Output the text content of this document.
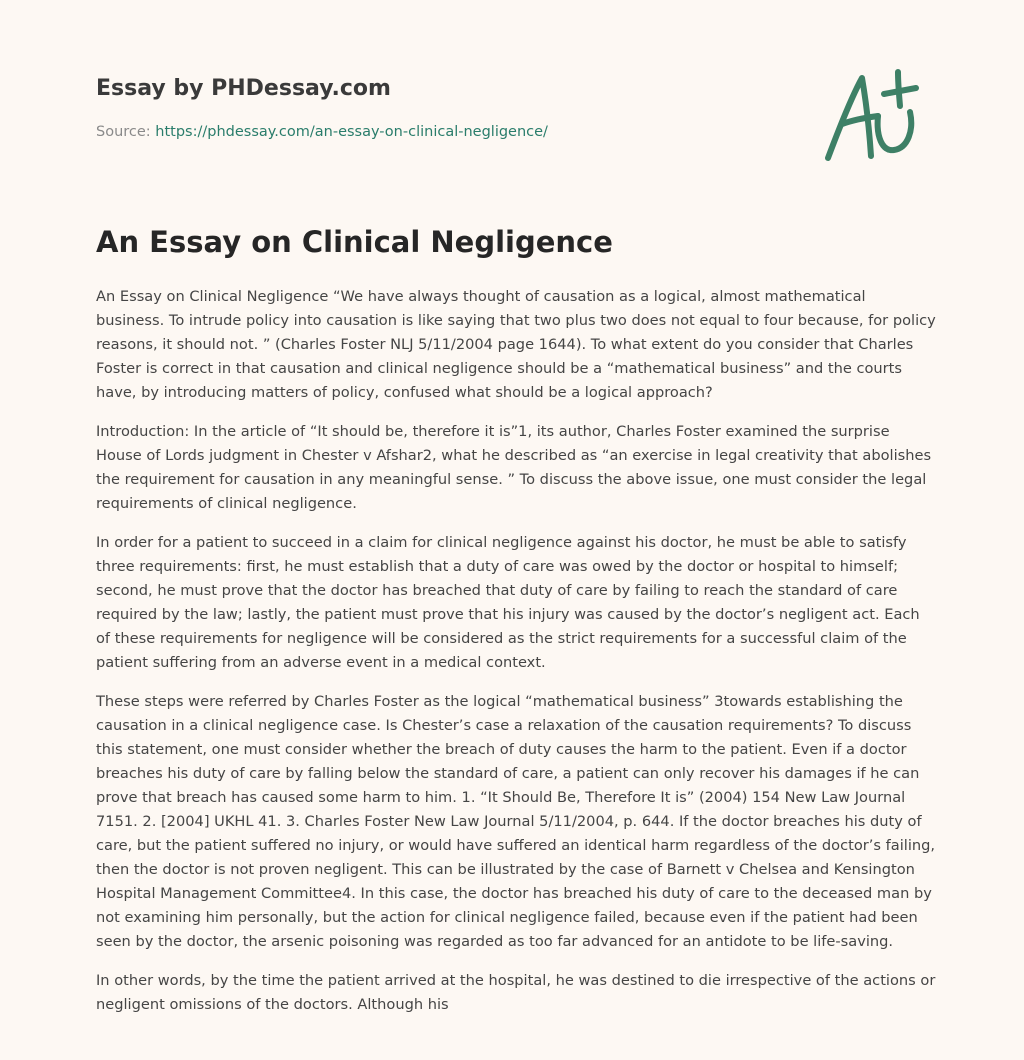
Essay by PHDessay.com

Source: https://phdessay.com/an-essay-on-clinical-negligence/

An Essay on Clinical Negligence

An Essay on Clinical Negligence “We have always thought of causation as a logical, almost mathematical business. To intrude policy into causation is like saying that two plus two does not equal to four because, for policy reasons, it should not. ” (Charles Foster NLJ 5/11/2004 page 1644). To what extent do you consider that Charles Foster is correct in that causation and clinical negligence should be a “mathematical business” and the courts have, by introducing matters of policy, confused what should be a logical approach?

Introduction: In the article of “It should be, therefore it is”1, its author, Charles Foster examined the surprise House of Lords judgment in Chester v Afshar2, what he described as “an exercise in legal creativity that abolishes the requirement for causation in any meaningful sense. ” To discuss the above issue, one must consider the legal requirements of clinical negligence.

In order for a patient to succeed in a claim for clinical negligence against his doctor, he must be able to satisfy three requirements: first, he must establish that a duty of care was owed by the doctor or hospital to himself; second, he must prove that the doctor has breached that duty of care by failing to reach the standard of care required by the law; lastly, the patient must prove that his injury was caused by the doctor’s negligent act. Each of these requirements for negligence will be considered as the strict requirements for a successful claim of the patient suffering from an adverse event in a medical context.

These steps were referred by Charles Foster as the logical “mathematical business” 3towards establishing the causation in a clinical negligence case. Is Chester’s case a relaxation of the causation requirements? To discuss this statement, one must consider whether the breach of duty causes the harm to the patient. Even if a doctor breaches his duty of care by falling below the standard of care, a patient can only recover his damages if he can prove that breach has caused some harm to him. 1. “It Should Be, Therefore It is” (2004) 154 New Law Journal 7151. 2. [2004] UKHL 41. 3. Charles Foster New Law Journal 5/11/2004, p. 644. If the doctor breaches his duty of care, but the patient suffered no injury, or would have suffered an identical harm regardless of the doctor’s failing, then the doctor is not proven negligent. This can be illustrated by the case of Barnett v Chelsea and Kensington Hospital Management Committee4. In this case, the doctor has breached his duty of care to the deceased man by not examining him personally, but the action for clinical negligence failed, because even if the patient had been seen by the doctor, the arsenic poisoning was regarded as too far advanced for an antidote to be life-saving.

In other words, by the time the patient arrived at the hospital, he was destined to die irrespective of the actions or negligent omissions of the doctors. Although his
